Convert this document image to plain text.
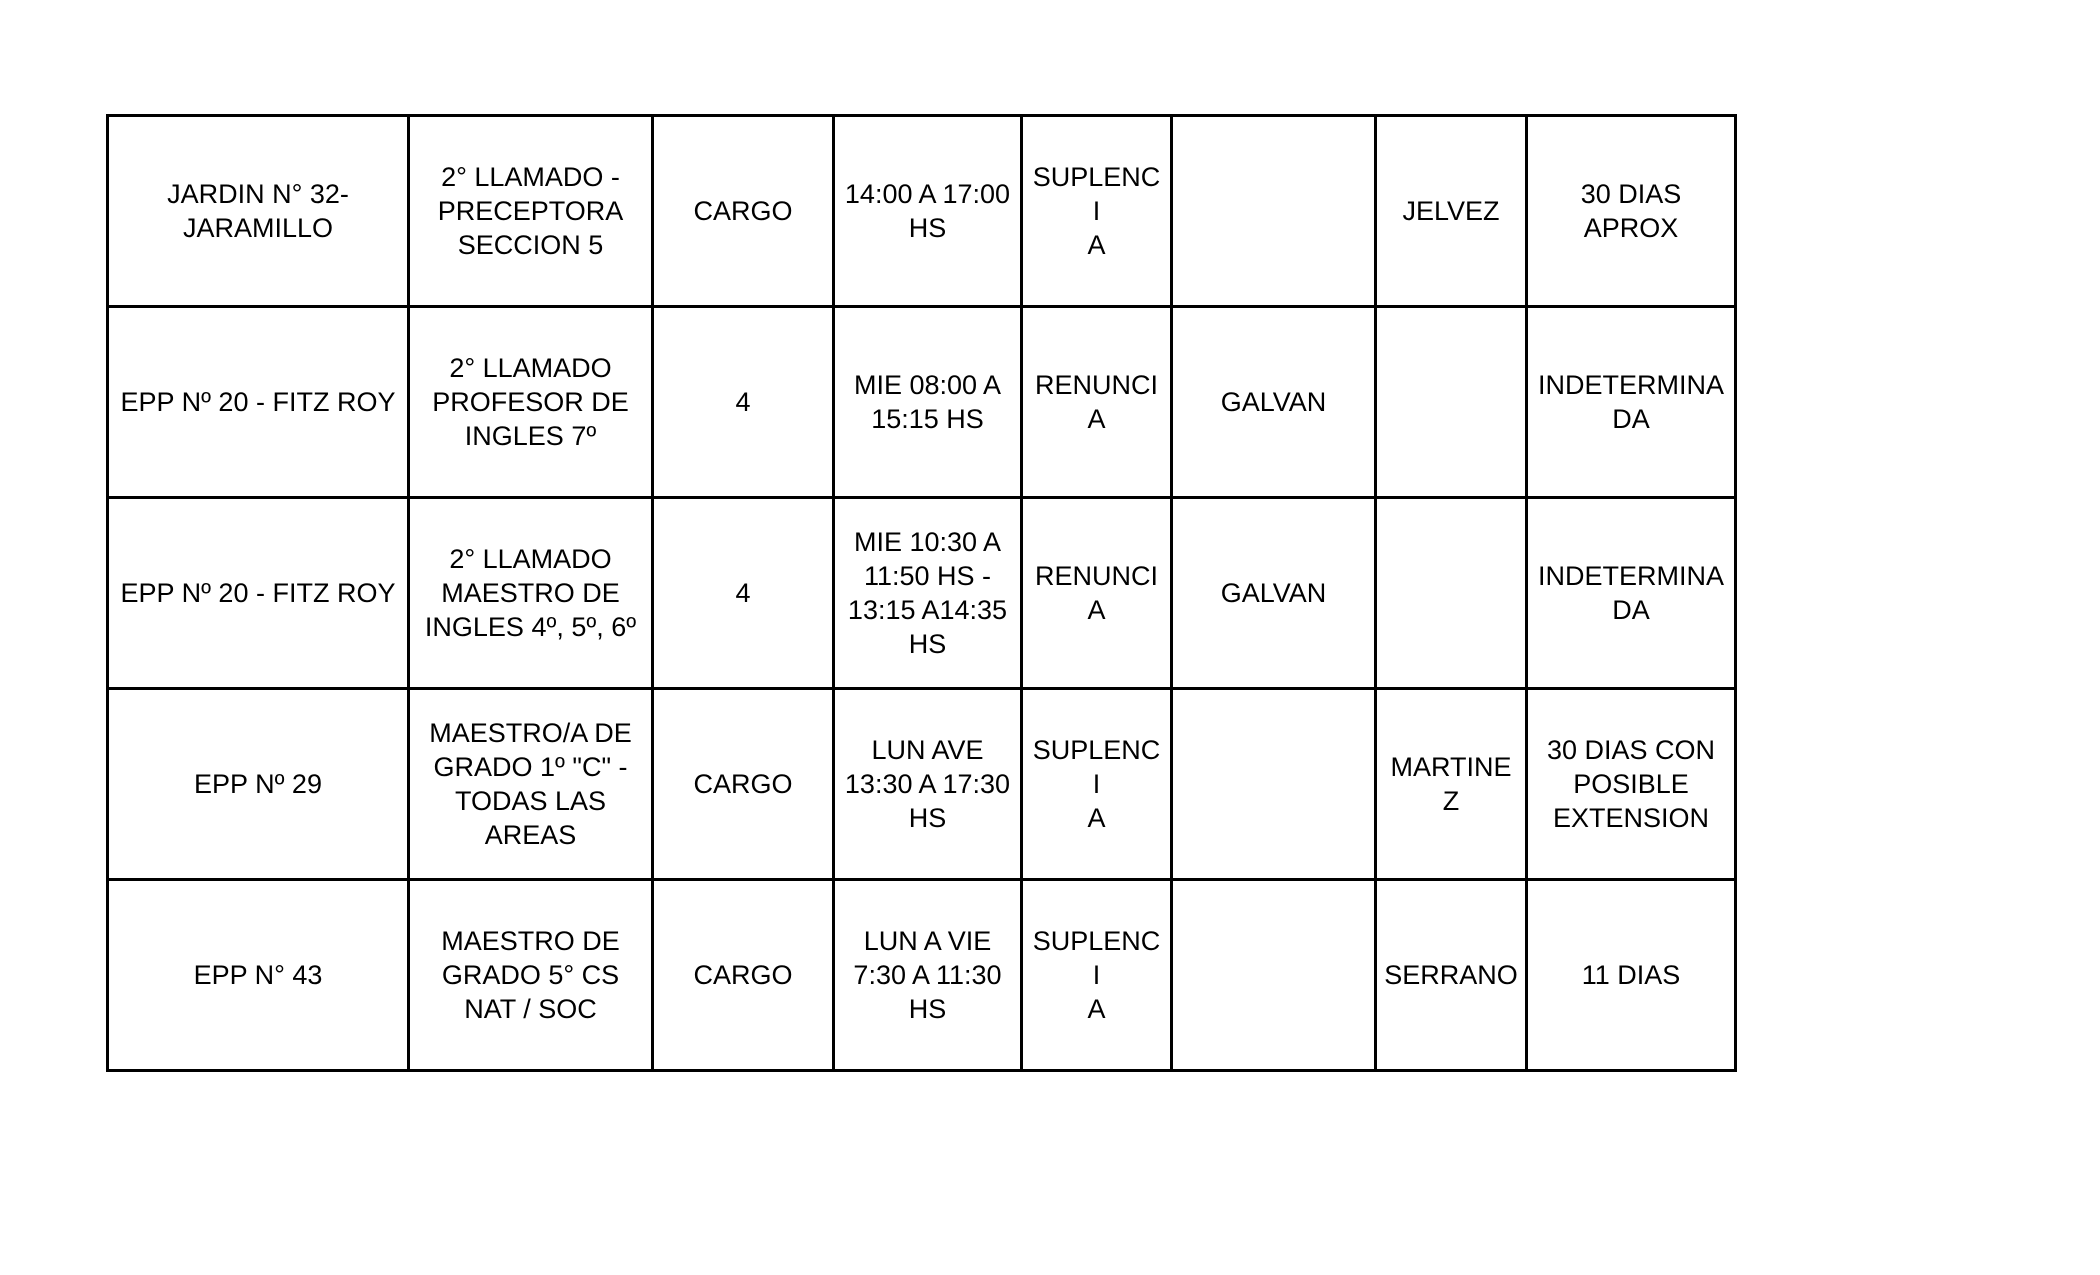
JARDIN N° 32-
JARAMILLO	2° LLAMADO -
PRECEPTORA
SECCION 5	CARGO	14:00 A 17:00
HS	SUPLENCI
A		JELVEZ	30 DIAS
APROX
EPP Nº 20 - FITZ ROY	2° LLAMADO
PROFESOR DE
INGLES 7º	4	MIE 08:00 A
15:15 HS	RENUNCI
A	GALVAN		INDETERMINA
DA
EPP Nº 20 - FITZ ROY	2° LLAMADO
MAESTRO DE
INGLES 4º, 5º, 6º	4	MIE 10:30 A
11:50 HS -
13:15 A14:35
HS	RENUNCI
A	GALVAN		INDETERMINA
DA
EPP Nº 29	MAESTRO/A DE
GRADO 1º "C" -
TODAS LAS
AREAS	CARGO	LUN AVE
13:30 A 17:30
HS	SUPLENCI
A		MARTINEZ	30 DIAS CON
POSIBLE
EXTENSION
EPP N° 43	MAESTRO DE
GRADO 5° CS
NAT / SOC	CARGO	LUN A VIE
7:30 A 11:30
HS	SUPLENCI
A		SERRANO	11 DIAS
